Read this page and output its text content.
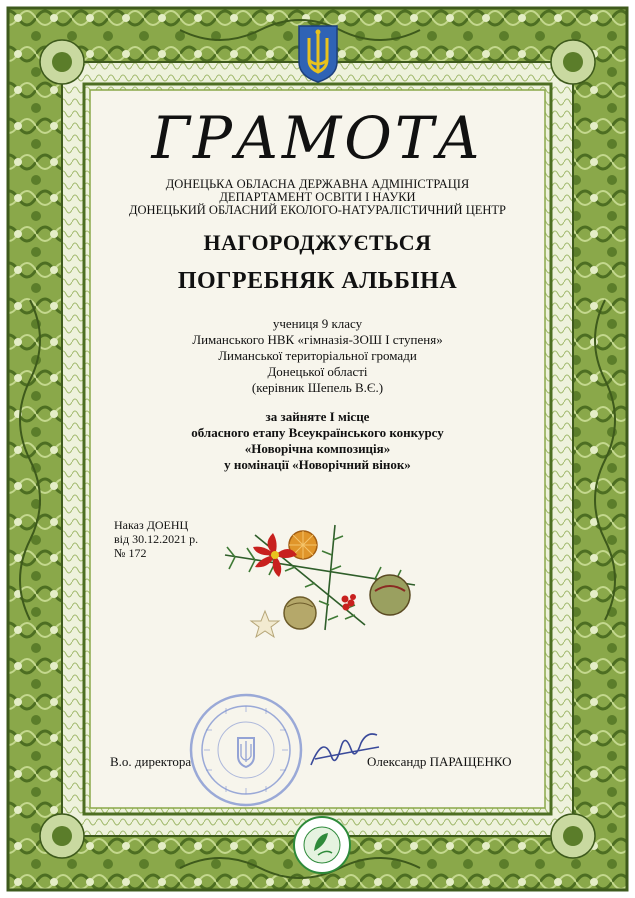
ГРАМОТА
ДОНЕЦЬКА ОБЛАСНА ДЕРЖАВНА АДМІНІСТРАЦІЯ
ДЕПАРТАМЕНТ ОСВІТИ І НАУКИ
ДОНЕЦЬКИЙ ОБЛАСНИЙ ЕКОЛОГО-НАТУРАЛІСТИЧНИЙ ЦЕНТР
НАГОРОДЖУЄТЬСЯ
ПОГРЕБНЯК АЛЬБІНА
учениця 9 класу
Лиманського НВК «гімназія-ЗОШ І ступеня»
Лиманської територіальної громади
Донецької області
(керівник Шепель В.Є.)
за зайняте І місце
обласного етапу Всеукраїнського конкурсу
«Новорічна композиція»
у номінації «Новорічний вінок»
Наказ ДОЕНЦ
від 30.12.2021 р.
№ 172
В.о. директора	Олександр ПАРАЩЕНКО
